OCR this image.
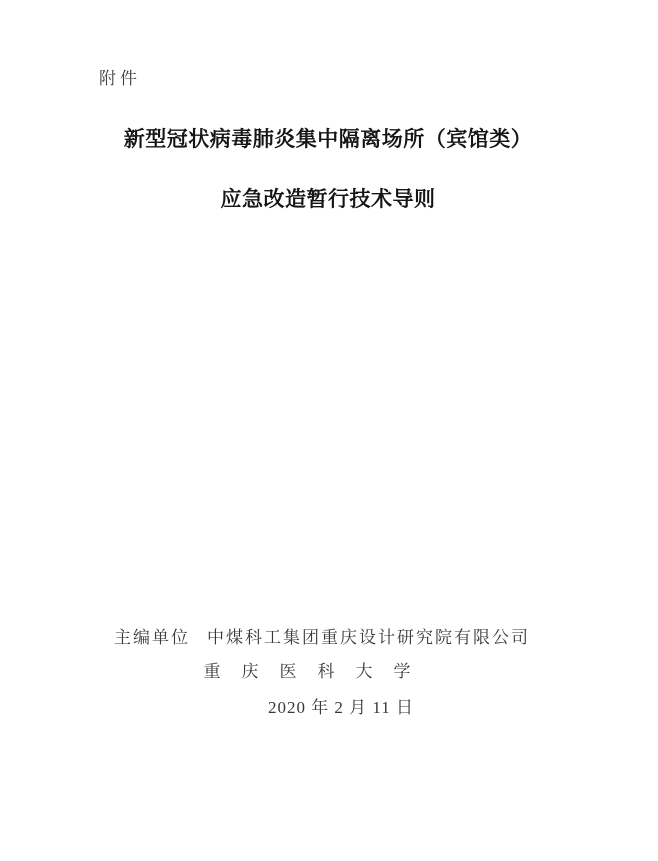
附件
新型冠状病毒肺炎集中隔离场所（宾馆类）
应急改造暂行技术导则
主编单位 中煤科工集团重庆设计研究院有限公司
重　庆　医　科　大　学
2020 年 2 月 11 日
